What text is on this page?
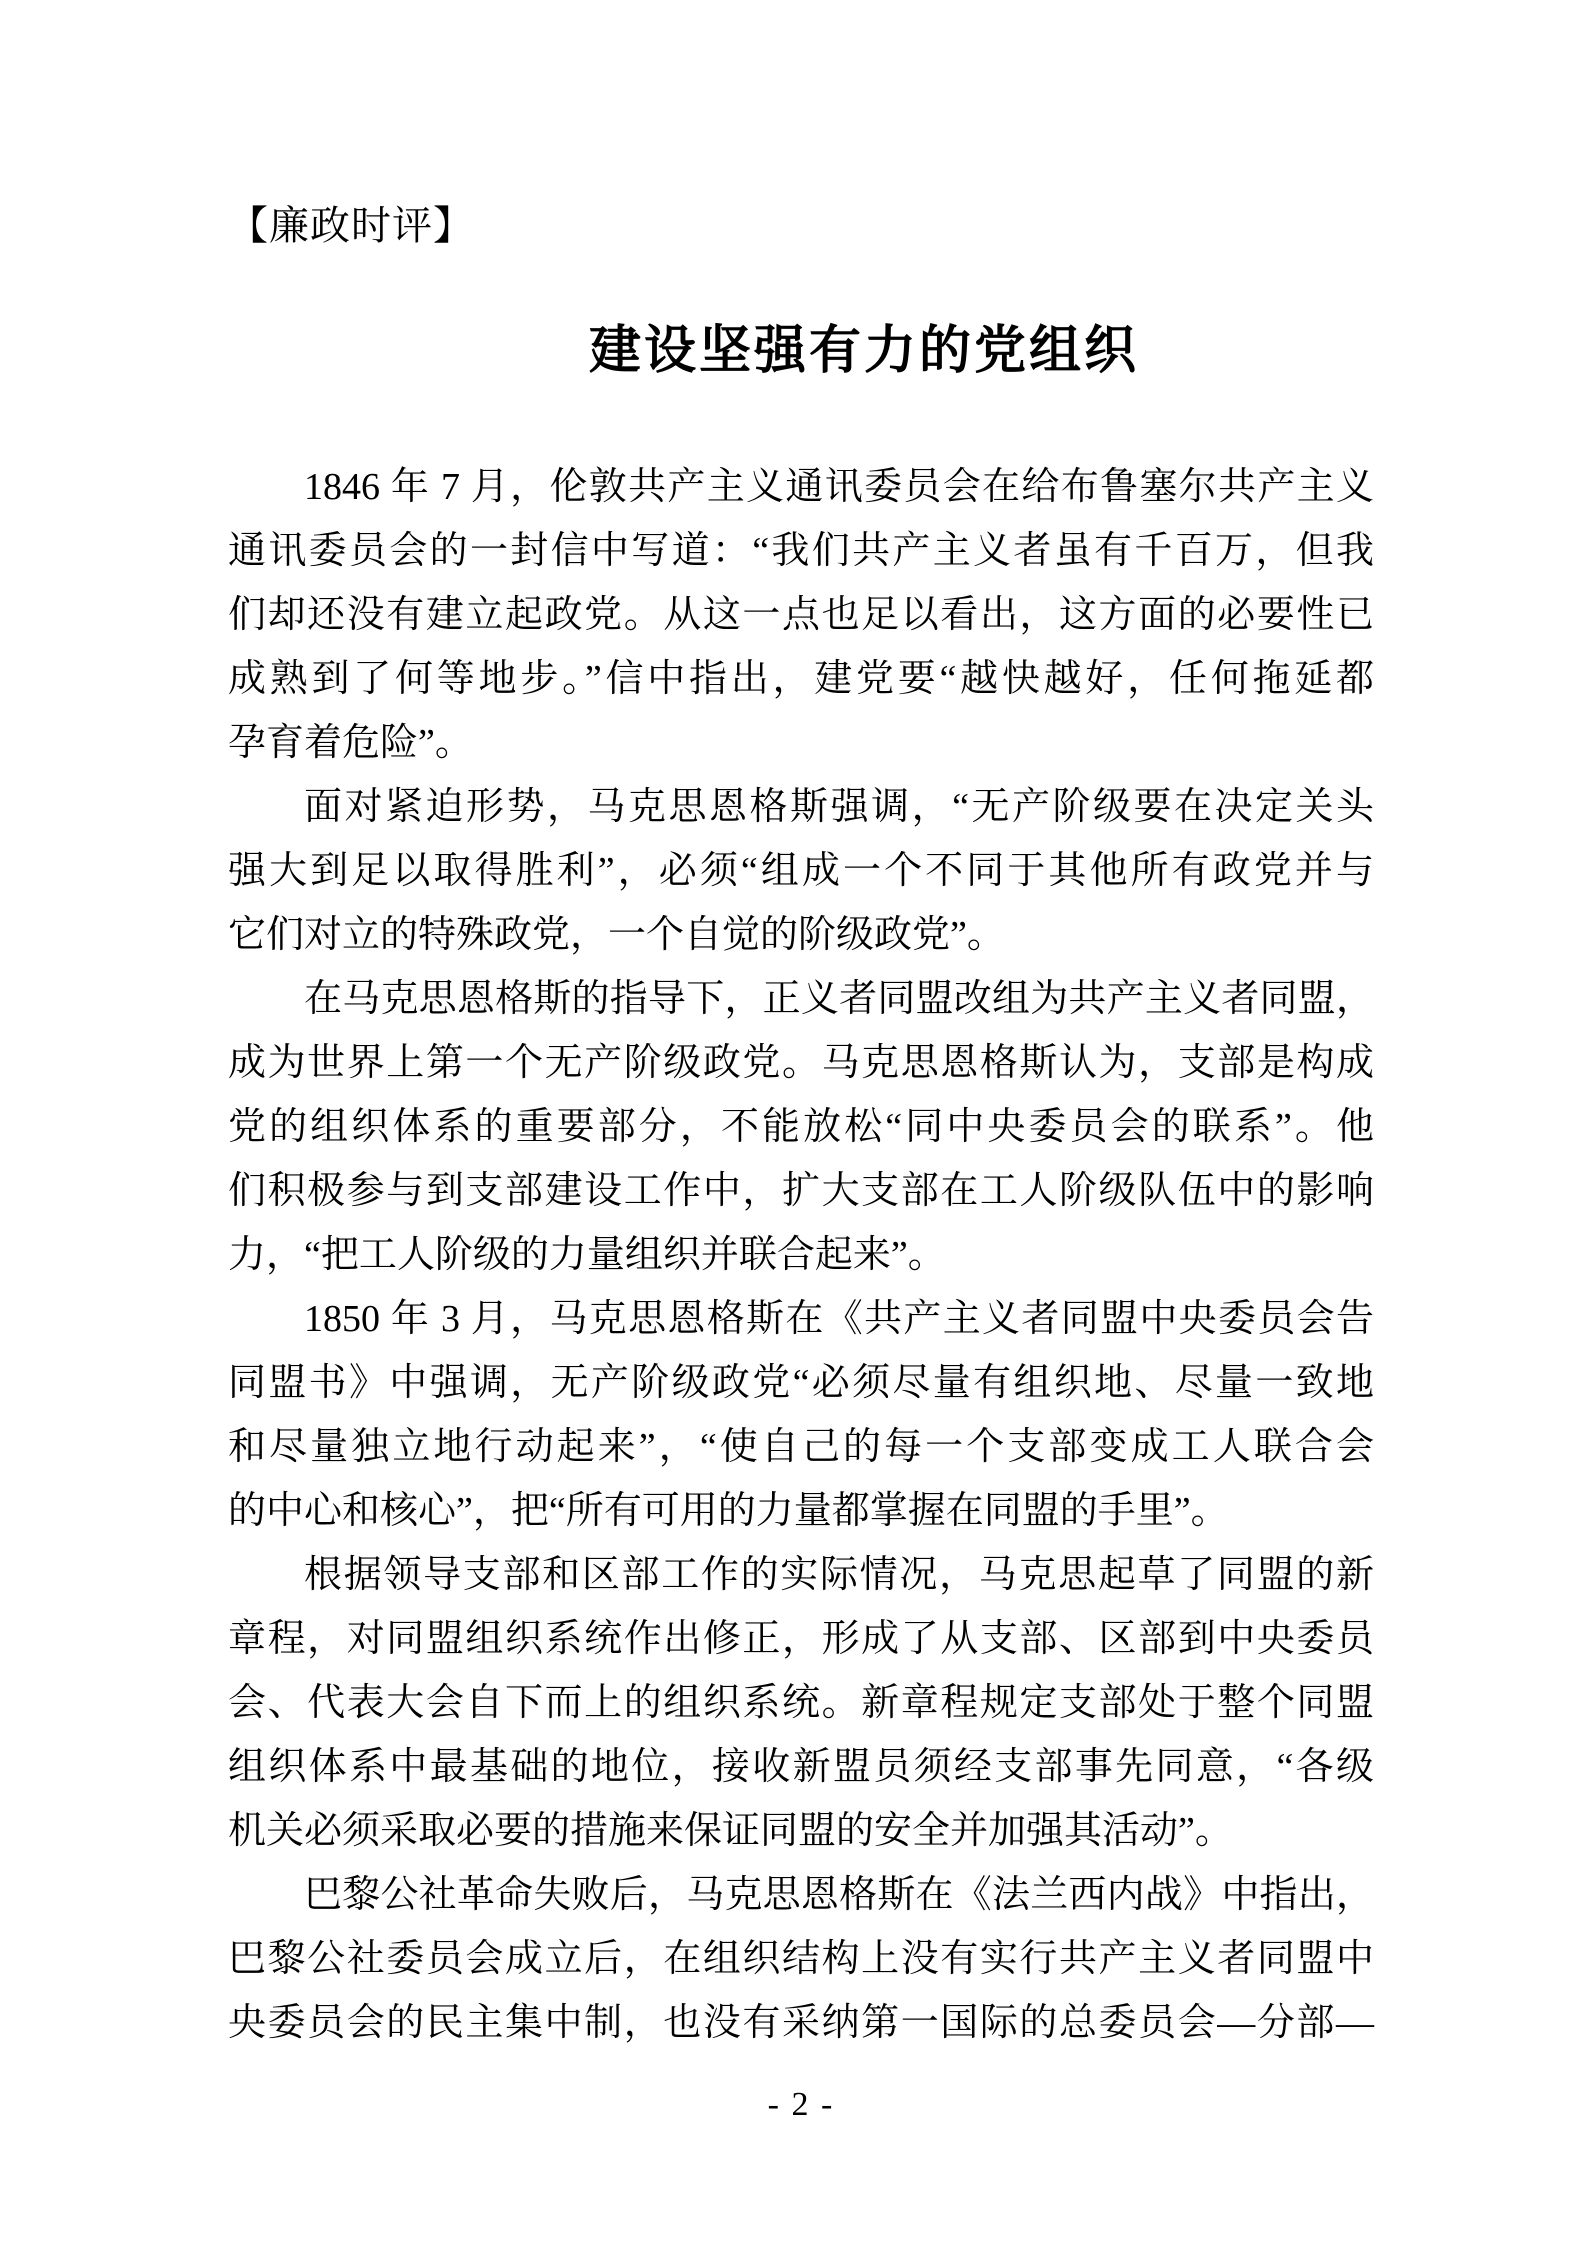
【廉政时评】
建设坚强有力的党组织
1846 年 7 月，伦敦共产主义通讯委员会在给布鲁塞尔共产主义
通讯委员会的一封信中写道：“我们共产主义者虽有千百万，但我
们却还没有建立起政党。从这一点也足以看出，这方面的必要性已
成熟到了何等地步。”信中指出，建党要“越快越好，任何拖延都
孕育着危险”。
面对紧迫形势，马克思恩格斯强调，“无产阶级要在决定关头
强大到足以取得胜利”，必须“组成一个不同于其他所有政党并与
它们对立的特殊政党，一个自觉的阶级政党”。
在马克思恩格斯的指导下，正义者同盟改组为共产主义者同盟，
成为世界上第一个无产阶级政党。马克思恩格斯认为，支部是构成
党的组织体系的重要部分，不能放松“同中央委员会的联系”。他
们积极参与到支部建设工作中，扩大支部在工人阶级队伍中的影响
力，“把工人阶级的力量组织并联合起来”。
1850 年 3 月，马克思恩格斯在《共产主义者同盟中央委员会告
同盟书》中强调，无产阶级政党“必须尽量有组织地、尽量一致地
和尽量独立地行动起来”，“使自己的每一个支部变成工人联合会
的中心和核心”，把“所有可用的力量都掌握在同盟的手里”。
根据领导支部和区部工作的实际情况，马克思起草了同盟的新
章程，对同盟组织系统作出修正，形成了从支部、区部到中央委员
会、代表大会自下而上的组织系统。新章程规定支部处于整个同盟
组织体系中最基础的地位，接收新盟员须经支部事先同意，“各级
机关必须采取必要的措施来保证同盟的安全并加强其活动”。
巴黎公社革命失败后，马克思恩格斯在《法兰西内战》中指出，
巴黎公社委员会成立后，在组织结构上没有实行共产主义者同盟中
央委员会的民主集中制，也没有采纳第一国际的总委员会—分部—
- 2 -
